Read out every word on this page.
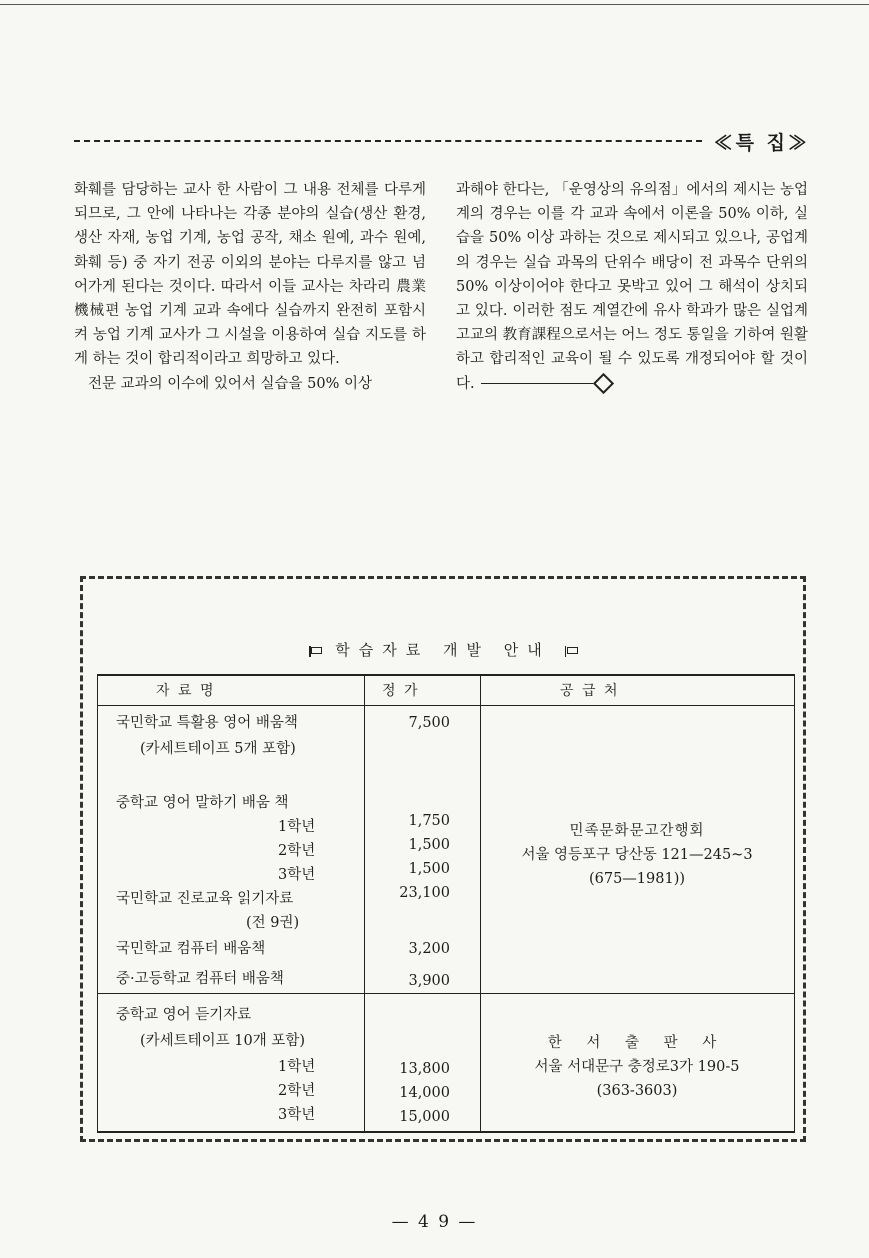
≪특 집≫

화훼를 담당하는 교사 한 사람이 그 내용 전체를 다루게 되므로, 그 안에 나타나는 각종 분야의 실습(생산 환경, 생산 자재, 농업 기계, 농업 공작, 채소 원예, 과수 원예, 화훼 등) 중 자기 전공 이외의 분야는 다루지를 않고 넘어가게 된다는 것이다. 따라서 이들 교사는 차라리 農業機械편 농업 기계 교과 속에다 실습까지 완전히 포함시켜 농업 기계 교사가 그 시설을 이용하여 실습 지도를 하게 하는 것이 합리적이라고 희망하고 있다.

전문 교과의 이수에 있어서 실습을 50% 이상

과해야 한다는, 「운영상의 유의점」에서의 제시는 농업계의 경우는 이를 각 교과 속에서 이론을 50% 이하, 실습을 50% 이상 과하는 것으로 제시되고 있으나, 공업계의 경우는 실습 과목의 단위수 배당이 전 과목수 단위의 50% 이상이어야 한다고 못박고 있어 그 해석이 상치되고 있다. 이러한 점도 계열간에 유사 학과가 많은 실업계 고교의 教育課程으로서는 어느 정도 통일을 기하여 원활하고 합리적인 교육이 될 수 있도록 개정되어야 할 것이다.

학습자료 개발 안내
자 료 명	정 가	공 급 처
국민학교 특활용 영어 배움책	7,500
(카세트테이프 5개 포함)
중학교 영어 말하기 배움 책
1학년	1,750
2학년	1,500
3학년	1,500
국민학교 진로교육 읽기자료	23,100
(전 9권)
국민학교 컴퓨터 배움책	3,200
중·고등학교 컴퓨터 배움책	3,900
민족문화문고간행회
서울 영등포구 당산동 121—245~3
(675—1981))
중학교 영어 듣기자료
(카세트테이프 10개 포함)
1학년	13,800
2학년	14,000
3학년	15,000
한 서 출 판 사
서울 서대문구 충정로3가 190-5
(363-3603)
— 4 9 —
